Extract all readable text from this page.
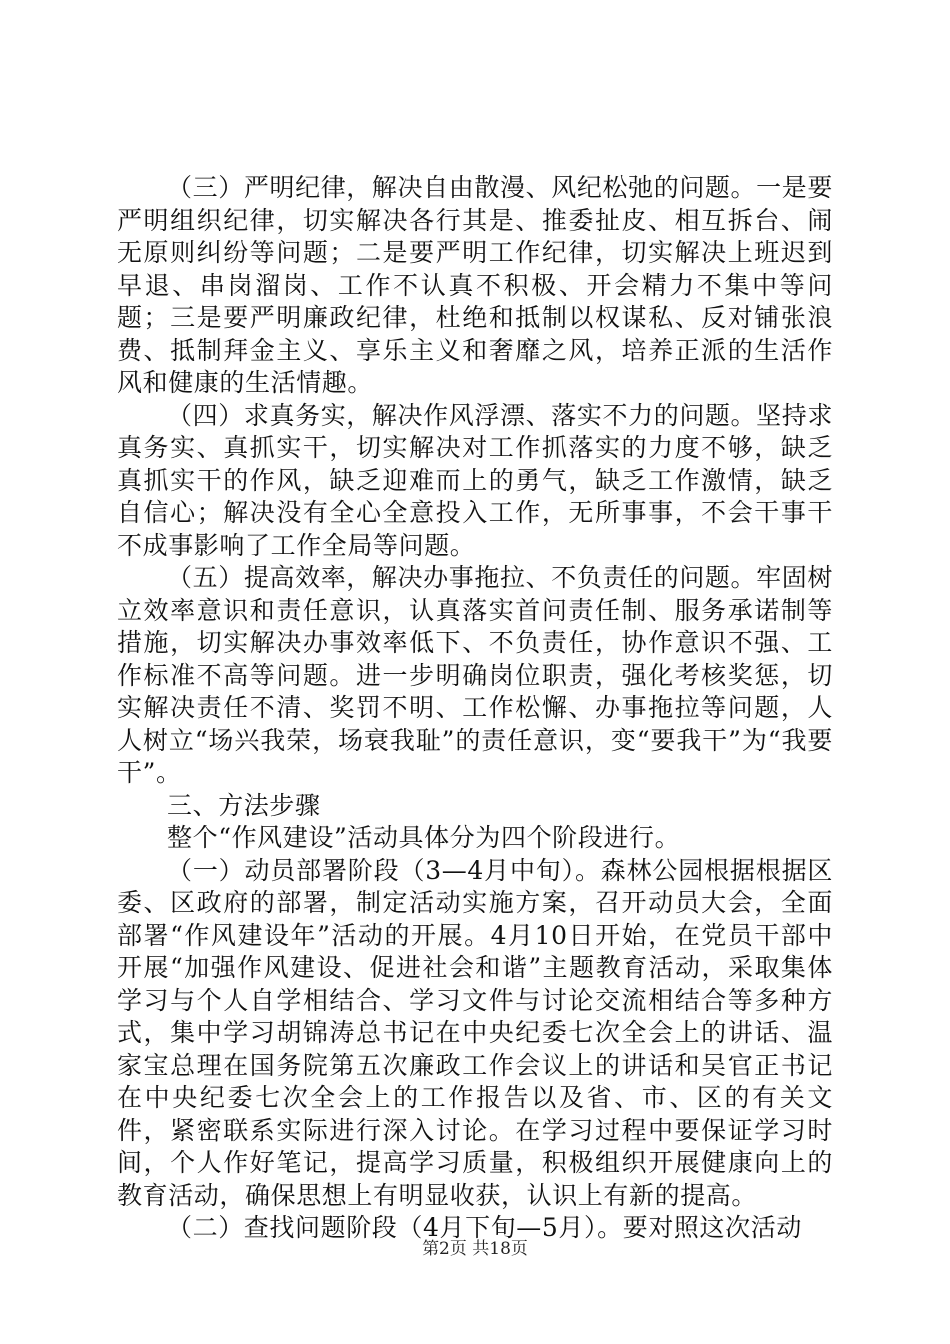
（三）严明纪律，解决自由散漫、风纪松弛的问题。一是要严明组织纪律，切实解决各行其是、推委扯皮、相互拆台、闹无原则纠纷等问题；二是要严明工作纪律，切实解决上班迟到早退、串岗溜岗、工作不认真不积极、开会精力不集中等问题；三是要严明廉政纪律，杜绝和抵制以权谋私、反对铺张浪费、抵制拜金主义、享乐主义和奢靡之风，培养正派的生活作风和健康的生活情趣。

（四）求真务实，解决作风浮漂、落实不力的问题。坚持求真务实、真抓实干，切实解决对工作抓落实的力度不够，缺乏真抓实干的作风，缺乏迎难而上的勇气，缺乏工作激情，缺乏自信心；解决没有全心全意投入工作，无所事事，不会干事干不成事影响了工作全局等问题。

（五）提高效率，解决办事拖拉、不负责任的问题。牢固树立效率意识和责任意识，认真落实首问责任制、服务承诺制等措施，切实解决办事效率低下、不负责任，协作意识不强、工作标准不高等问题。进一步明确岗位职责，强化考核奖惩，切实解决责任不清、奖罚不明、工作松懈、办事拖拉等问题，人人树立“场兴我荣，场衰我耻”的责任意识，变“要我干”为“我要干”。

三、方法步骤

整个“作风建设”活动具体分为四个阶段进行。

（一）动员部署阶段（3—4月中旬）。森林公园根据根据区委、区政府的部署，制定活动实施方案，召开动员大会，全面部署“作风建设年”活动的开展。4月10日开始，在党员干部中开展“加强作风建设、促进社会和谐”主题教育活动，采取集体学习与个人自学相结合、学习文件与讨论交流相结合等多种方式，集中学习胡锦涛总书记在中央纪委七次全会上的讲话、温家宝总理在国务院第五次廉政工作会议上的讲话和吴官正书记在中央纪委七次全会上的工作报告以及省、市、区的有关文件，紧密联系实际进行深入讨论。在学习过程中要保证学习时间，个人作好笔记，提高学习质量，积极组织开展健康向上的教育活动，确保思想上有明显收获，认识上有新的提高。

（二）查找问题阶段（4月下旬—5月）。要对照这次活动

第2页 共18页
